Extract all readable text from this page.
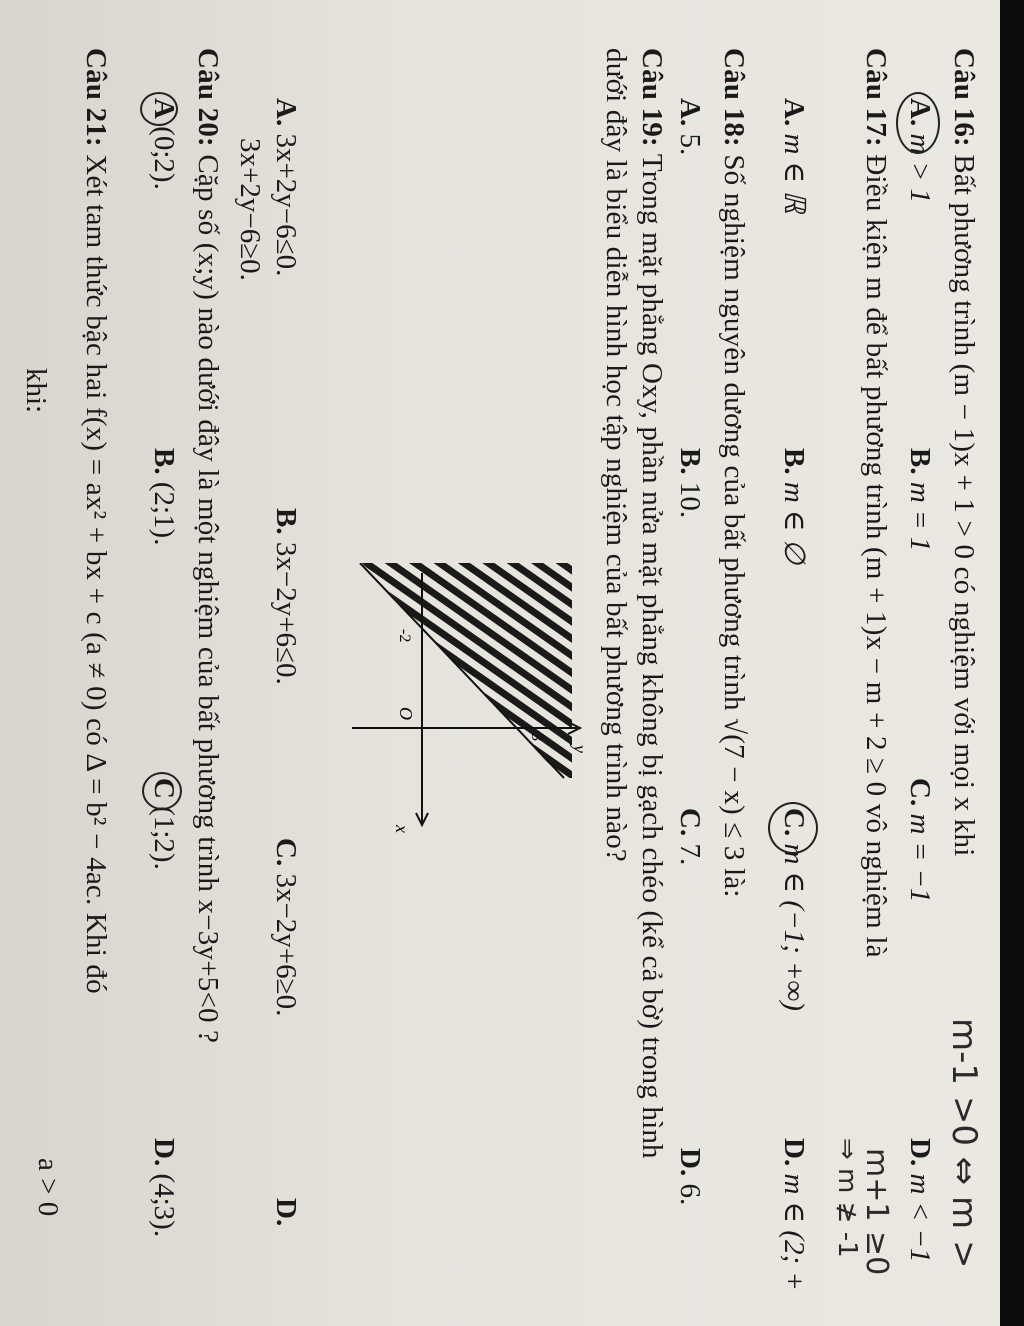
Câu 16: Bất phương trình (m − 1)x + 1 > 0 có nghiệm với mọi x khi
m-1 >0 ⇔ m >
A. m > 1
B. m = 1
C. m = −1
D. m < −1
Câu 17: Điều kiện m để bất phương trình (m + 1)x − m + 2 ≥ 0 vô nghiệm là
m+1 ≥0
⇒ m ≱ -1
A. m ∈ ℝ
B. m ∈ ∅
C. m ∈ (−1; +∞)
D. m ∈ (2; +
Câu 18: Số nghiệm nguyên dương của bất phương trình √(7 − x) ≤ 3 là:
A. 5.
B. 10.
C. 7.
D. 6.
Câu 19: Trong mặt phẳng Oxy, phần nửa mặt phẳng không bị gạch chéo (kể cả bờ) trong hình
dưới đây là biểu diễn hình học tập nghiệm của bất phương trình nào?
y
x
O
3
-2
A. 3x+2y−6≤0.
B. 3x−2y+6≤0.
C. 3x−2y+6≥0.
D.
3x+2y−6≥0.
Câu 20: Cặp số (x;y) nào dưới đây là một nghiệm của bất phương trình x−3y+5<0 ?
A (0;2).
B. (2;1).
C (1;2).
D. (4;3).
Câu 21: Xét tam thức bậc hai f(x) = ax² + bx + c (a ≠ 0) có Δ = b² − 4ac. Khi đó
a > 0
khi:
